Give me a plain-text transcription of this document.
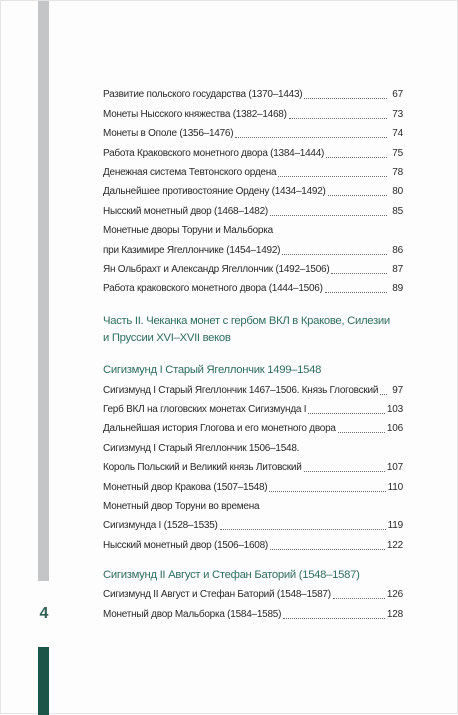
Развитие польского государства (1370–1443)	67
Монеты Нысского княжества (1382–1468)	73
Монеты в Ополе (1356–1476)	74
Работа Краковского монетного двора (1384–1444)	75
Денежная система Тевтонского ордена	78
Дальнейшее противостояние Ордену (1434–1492)	80
Нысский монетный двор (1468–1482)	85
Монетные дворы Торуни и Мальборка
при Казимире Ягеллончике (1454–1492)	86
Ян Ольбрахт и Александр Ягеллончик (1492–1506)	87
Работа краковского монетного двора (1444–1506)	89
Часть II. Чеканка монет с гербом ВКЛ в Кракове, Силезии
и Пруссии XVI–XVII веков
Сигизмунд I Старый Ягеллончик 1499–1548
Сигизмунд I Старый Ягеллончик 1467–1506. Князь Глоговский	97
Герб ВКЛ на глоговских монетах Сигизмунда I	103
Дальнейшая история Глогова и его монетного двора	106
Сигизмунд I Старый Ягеллончик 1506–1548.
Король Польский и Великий князь Литовский	107
Монетный двор Кракова (1507–1548)	110
Монетный двор Торуни во времена
Сигизмунда I (1528–1535)	119
Нысский монетный двор (1506–1608)	122
Сигизмунд II Август и Стефан Баторий (1548–1587)
Сигизмунд II Август и Стефан Баторий (1548–1587)	126
Монетный двор Мальборка (1584–1585)	128
4
